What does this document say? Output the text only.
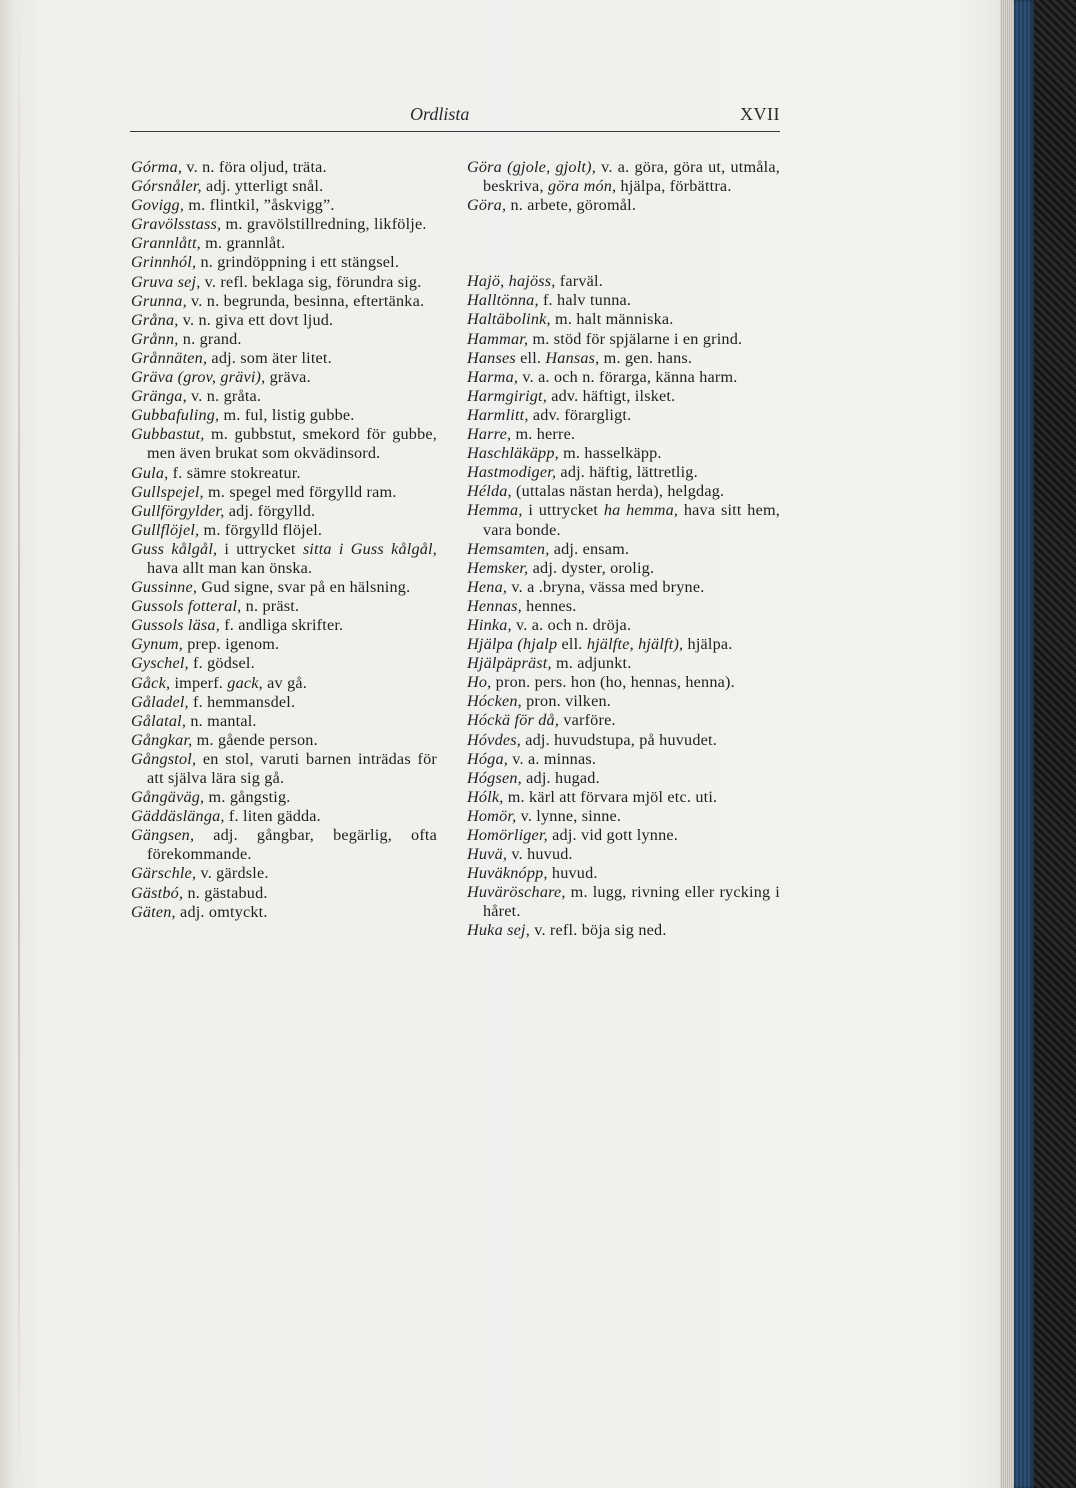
Ordlista	XVII

Górma, v. n. föra oljud, träta.

Górsnåler, adj. ytterligt snål.

Govigg, m. flintkil, ”åskvigg”.

Gravölsstass, m. gravölstillredning, likfölje.

Grannlått, m. grannlåt.

Grinnhól, n. grindöppning i ett stängsel.

Gruva sej, v. refl. beklaga sig, förundra sig.

Grunna, v. n. begrunda, besinna, eftertänka.

Gråna, v. n. giva ett dovt ljud.

Grånn, n. grand.

Grånnäten, adj. som äter litet.

Gräva (grov, grävi), gräva.

Gränga, v. n. gråta.

Gubbafuling, m. ful, listig gubbe.

Gubbastut, m. gubbstut, smekord för gubbe, men även brukat som okvädinsord.

Gula, f. sämre stokreatur.

Gullspejel, m. spegel med förgylld ram.

Gullförgylder, adj. förgylld.

Gullflöjel, m. förgylld flöjel.

Guss kålgål, i uttrycket sitta i Guss kålgål, hava allt man kan önska.

Gussinne, Gud signe, svar på en hälsning.

Gussols fotteral, n. präst.

Gussols läsa, f. andliga skrifter.

Gynum, prep. igenom.

Gyschel, f. gödsel.

Gåck, imperf. gack, av gå.

Gåladel, f. hemmansdel.

Gålatal, n. mantal.

Gångkar, m. gående person.

Gångstol, en stol, varuti barnen inträdas för att själva lära sig gå.

Gångäväg, m. gångstig.

Gäddäslänga, f. liten gädda.

Gängsen, adj. gångbar, begärlig, ofta förekommande.

Gärschle, v. gärdsle.

Gästbó, n. gästabud.

Gäten, adj. omtyckt.

Göra (gjole, gjolt), v. a. göra, göra ut, utmåla, beskriva, göra món, hjälpa, förbättra.

Göra, n. arbete, göromål.

Hajö, hajöss, farväl.

Halltönna, f. halv tunna.

Haltäbolink, m. halt människa.

Hammar, m. stöd för spjälarne i en grind.

Hanses ell. Hansas, m. gen. hans.

Harma, v. a. och n. förarga, känna harm.

Harmgirigt, adv. häftigt, ilsket.

Harmlitt, adv. förargligt.

Harre, m. herre.

Haschläkäpp, m. hasselkäpp.

Hastmodiger, adj. häftig, lättretlig.

Hélda, (uttalas nästan herda), helgdag.

Hemma, i uttrycket ha hemma, hava sitt hem, vara bonde.

Hemsamten, adj. ensam.

Hemsker, adj. dyster, orolig.

Hena, v. a .bryna, vässa med bryne.

Hennas, hennes.

Hinka, v. a. och n. dröja.

Hjälpa (hjalp ell. hjälfte, hjälft), hjälpa.

Hjälpäpräst, m. adjunkt.

Ho, pron. pers. hon (ho, hennas, henna).

Hócken, pron. vilken.

Hóckä för då, varföre.

Hóvdes, adj. huvudstupa, på huvudet.

Hóga, v. a. minnas.

Hógsen, adj. hugad.

Hólk, m. kärl att förvara mjöl etc. uti.

Homör, v. lynne, sinne.

Homörliger, adj. vid gott lynne.

Huvä, v. huvud.

Huväknópp, huvud.

Huväröschare, m. lugg, rivning eller rycking i håret.

Huka sej, v. refl. böja sig ned.
